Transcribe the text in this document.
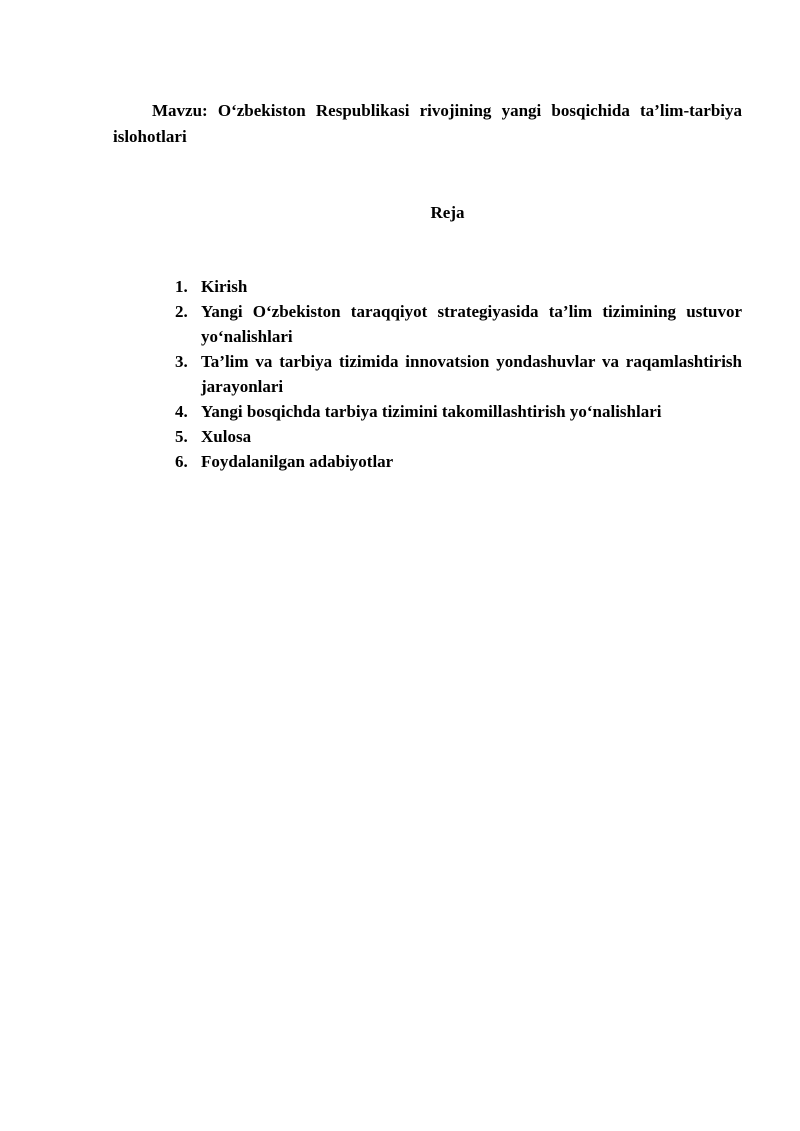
Mavzu: O‘zbekiston Respublikasi rivojining yangi bosqichida ta’lim-tarbiya islohotlari

Reja

1. Kirish
2. Yangi O‘zbekiston taraqqiyot strategiyasida ta’lim tizimining ustuvor yo‘nalishlari
3. Ta’lim va tarbiya tizimida innovatsion yondashuvlar va raqamlashtirish jarayonlari
4. Yangi bosqichda tarbiya tizimini takomillashtirish yo‘nalishlari
5. Xulosa
6. Foydalanilgan adabiyotlar
